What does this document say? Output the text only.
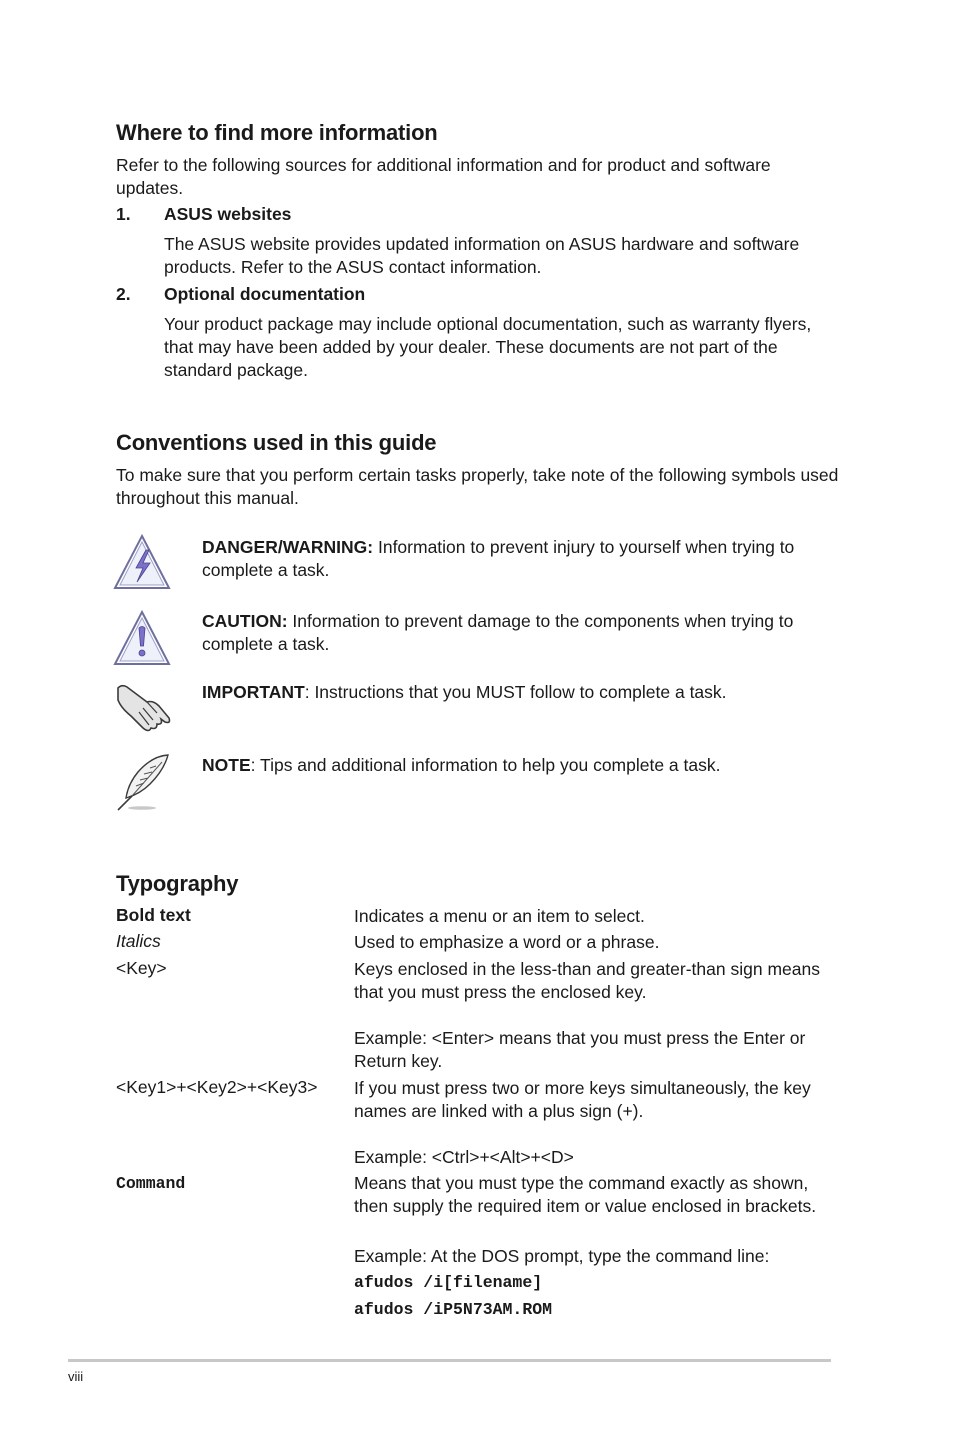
Where to find more information

Refer to the following sources for additional information and for product and software updates.

1. ASUS websites

The ASUS website provides updated information on ASUS hardware and software products. Refer to the ASUS contact information.

2. Optional documentation

Your product package may include optional documentation, such as warranty flyers, that may have been added by your dealer. These documents are not part of the standard package.

Conventions used in this guide

To make sure that you perform certain tasks properly, take note of the following symbols used throughout this manual.

DANGER/WARNING: Information to prevent injury to yourself when trying to complete a task.

CAUTION: Information to prevent damage to the components when trying to complete a task.

IMPORTANT: Instructions that you MUST follow to complete a task.

NOTE: Tips and additional information to help you complete a task.

Typography
Bold text	Indicates a menu or an item to select.

Italics	Used to emphasize a word or a phrase.

<Key>	Keys enclosed in the less-than and greater-than sign means that you must press the enclosed key.

Example: <Enter> means that you must press the Enter or Return key.

<Key1>+<Key2>+<Key3> If you must press two or more keys simultaneously, the key names are linked with a plus sign (+).

Example: <Ctrl>+<Alt>+<D>

Command	Means that you must type the command exactly as shown, then supply the required item or value enclosed in brackets.

Example: At the DOS prompt, type the command line:

afudos /i[filename]
afudos /iP5N73AM.ROM
viii
